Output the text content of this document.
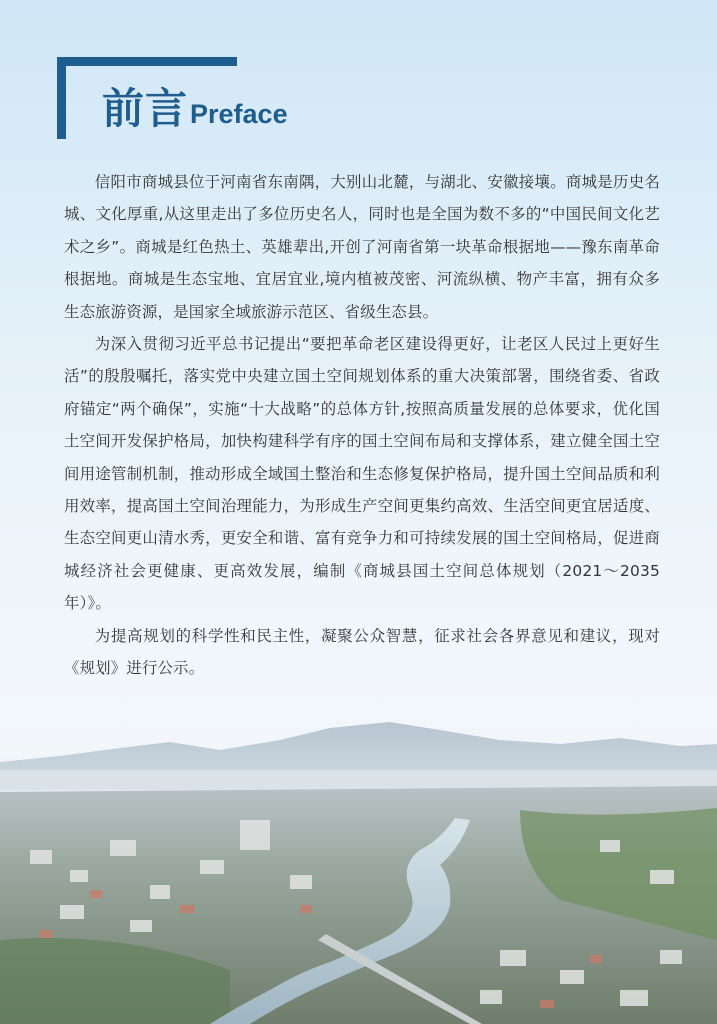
前言Preface

信阳市商城县位于河南省东南隅，大别山北麓，与湖北、安徽接壤。商城是历史名城、文化厚重,从这里走出了多位历史名人，同时也是全国为数不多的“中国民间文化艺术之乡”。商城是红色热土、英雄辈出,开创了河南省第一块革命根据地——豫东南革命根据地。商城是生态宝地、宜居宜业,境内植被茂密、河流纵横、物产丰富，拥有众多生态旅游资源，是国家全域旅游示范区、省级生态县。

为深入贯彻习近平总书记提出“要把革命老区建设得更好，让老区人民过上更好生活”的殷殷嘱托，落实党中央建立国土空间规划体系的重大决策部署，围绕省委、省政府锚定“两个确保”，实施“十大战略”的总体方针,按照高质量发展的总体要求，优化国土空间开发保护格局，加快构建科学有序的国土空间布局和支撑体系，建立健全国土空间用途管制机制，推动形成全域国土整治和生态修复保护格局，提升国土空间品质和利用效率，提高国土空间治理能力，为形成生产空间更集约高效、生活空间更宜居适度、生态空间更山清水秀，更安全和谐、富有竞争力和可持续发展的国土空间格局，促进商城经济社会更健康、更高效发展，编制《商城县国土空间总体规划（2021～2035年）》。

为提高规划的科学性和民主性，凝聚公众智慧，征求社会各界意见和建议，现对《规划》进行公示。
